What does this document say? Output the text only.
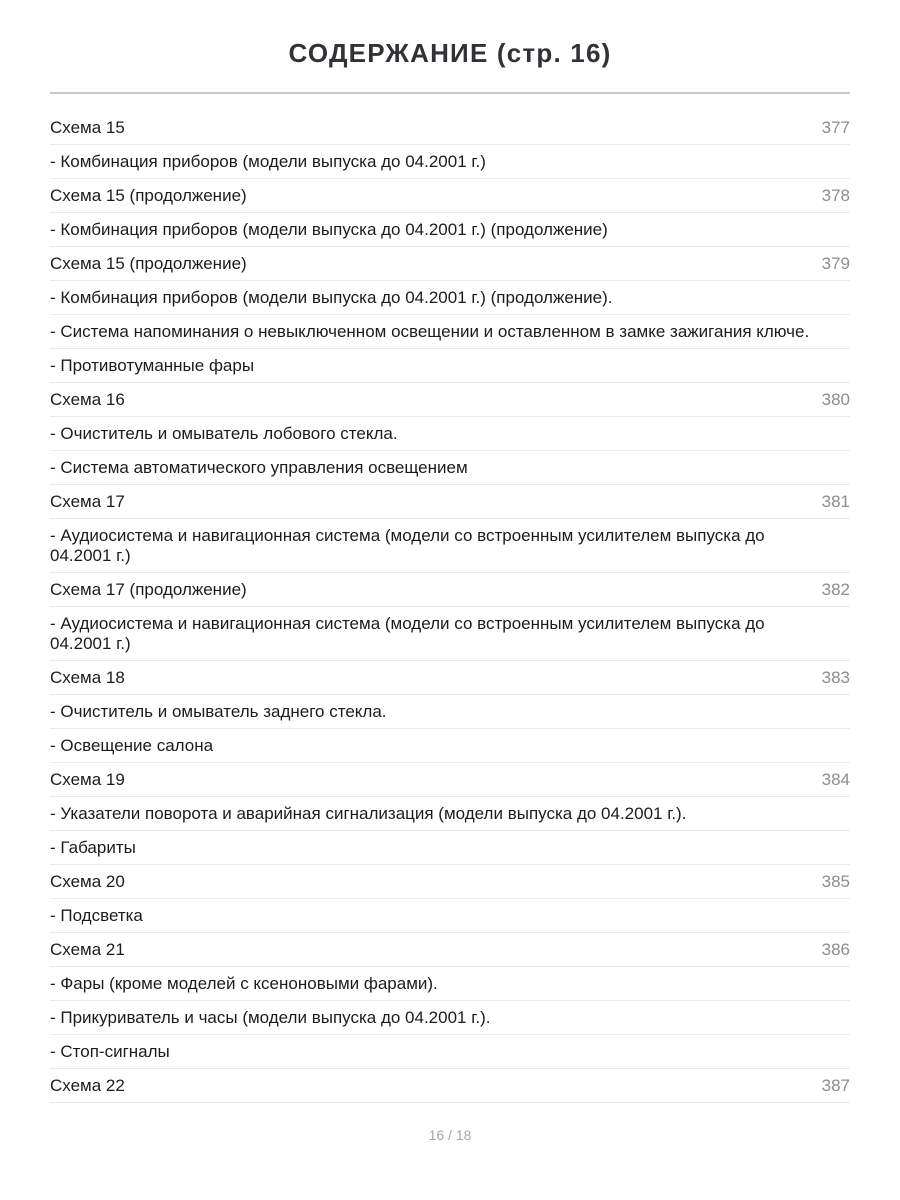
СОДЕРЖАНИЕ (стр. 16)
Схема 15	377
- Комбинация приборов (модели выпуска до 04.2001 г.)
Схема 15 (продолжение)	378
- Комбинация приборов (модели выпуска до 04.2001 г.) (продолжение)
Схема 15 (продолжение)	379
- Комбинация приборов (модели выпуска до 04.2001 г.) (продолжение).
- Система напоминания о невыключенном освещении и оставленном в замке зажигания ключе.
- Противотуманные фары
Схема 16	380
- Очиститель и омыватель лобового стекла.
- Система автоматического управления освещением
Схема 17	381
- Аудиосистема и навигационная система (модели со встроенным усилителем выпуска до 04.2001 г.)
Схема 17 (продолжение)	382
- Аудиосистема и навигационная система (модели со встроенным усилителем выпуска до 04.2001 г.)
Схема 18	383
- Очиститель и омыватель заднего стекла.
- Освещение салона
Схема 19	384
- Указатели поворота и аварийная сигнализация (модели выпуска до 04.2001 г.).
- Габариты
Схема 20	385
- Подсветка
Схема 21	386
- Фары (кроме моделей с ксеноновыми фарами).
- Прикуриватель и часы (модели выпуска до 04.2001 г.).
- Стоп-сигналы
Схема 22	387
16 / 18
